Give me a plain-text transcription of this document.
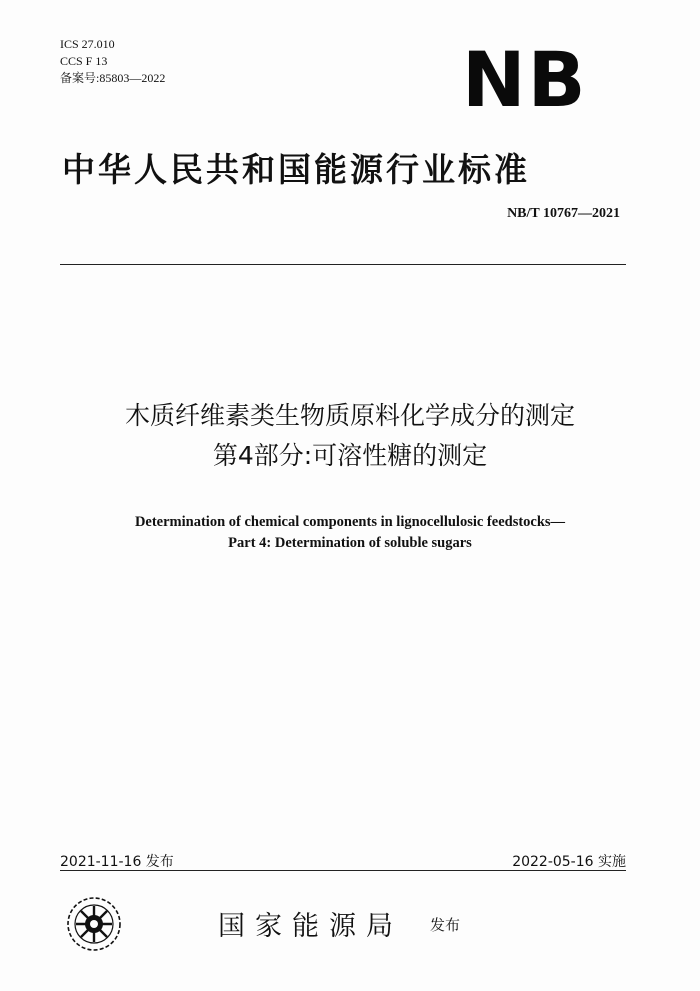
ICS 27.010
CCS F 13
备案号:85803—2022	NB
中华人民共和国能源行业标准
NB/T 10767—2021
木质纤维素类生物质原料化学成分的测定
第4部分:可溶性糖的测定
Determination of chemical components in lignocellulosic feedstocks—
Part 4: Determination of soluble sugars
2021-11-16 发布	2022-05-16 实施
国家能源局 发布
